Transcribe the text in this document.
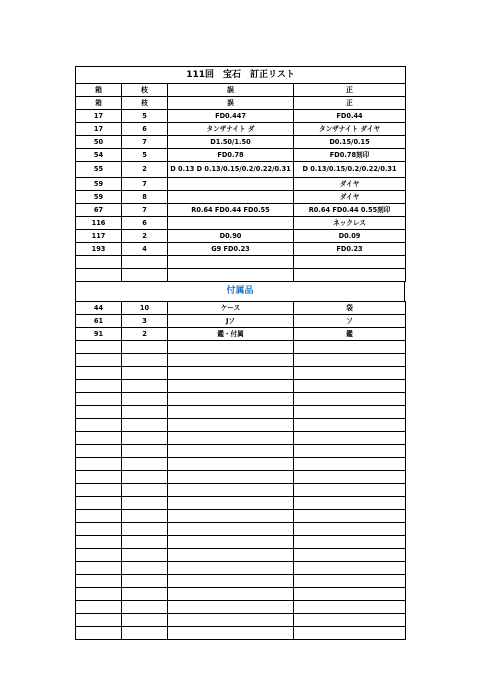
111回　宝石　訂正リスト			
箱	枝	誤	正
箱	枝	誤	正
17	5	FD0.447	FD0.44
17	6	タンザナイト ダ	タンザナイト ダイヤ
50	7	D1.50/1.50	D0.15/0.15
54	5	FD0.78	FD0.78刻印
55	2	D 0.13 D 0.13/0.15/0.2/0.22/0.31	D 0.13/0.15/0.2/0.22/0.31
59	7		ダイヤ
59	8		ダイヤ
67	7	R0.64 FD0.44 FD0.55	R0.64 FD0.44 0.55刻印
116	6		ネックレス
117	2	D0.90	D0.09
193	4	G9 FD0.23	FD0.23

付属品
44	10	ケース	袋
61	3	Jソ	ソ
91	2	鑑・付属	鑑
